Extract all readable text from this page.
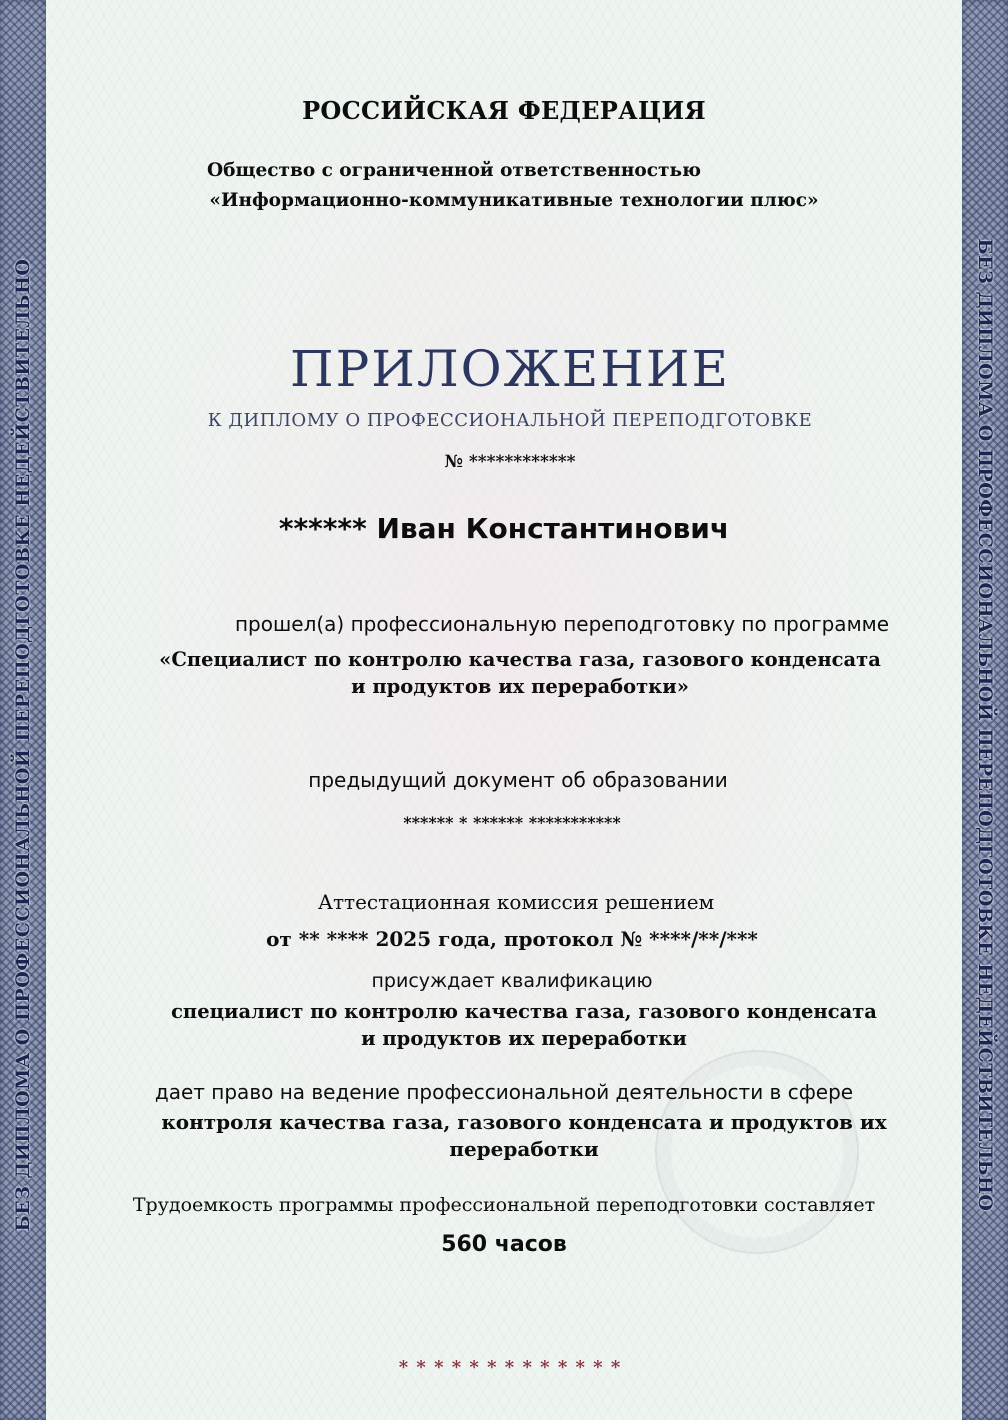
БЕЗ ДИПЛОМА О ПРОФЕССИОНАЛЬНОЙ ПЕРЕПОДГОТОВКЕ НЕДЕЙСТВИТЕЛЬНО	БЕЗ ДИПЛОМА О ПРОФЕССИОНАЛЬНОЙ ПЕРЕПОДГОТОВКЕ НЕДЕЙСТВИТЕЛЬНО
РОССИЙСКАЯ ФЕДЕРАЦИЯ
Общество с ограниченной ответственностью
«Информационно-коммуникативные технологии плюс»
ПРИЛОЖЕНИЕ
К ДИПЛОМУ О ПРОФЕССИОНАЛЬНОЙ ПЕРЕПОДГОТОВКЕ
№ ************
****** Иван Константинович
прошел(а) профессиональную переподготовку по программе
«Специалист по контролю качества газа, газового конденсата
и продуктов их переработки»
предыдущий документ об образовании
****** * ****** ***********
Аттестационная комиссия решением
от ** **** 2025 года, протокол № ****/**/***
присуждает квалификацию
специалист по контролю качества газа, газового конденсата
и продуктов их переработки
дает право на ведение профессиональной деятельности в сфере
контроля качества газа, газового конденсата и продуктов их
переработки
Трудоемкость программы профессиональной переподготовки составляет
560 часов
* * * * * * * * * * * * *
